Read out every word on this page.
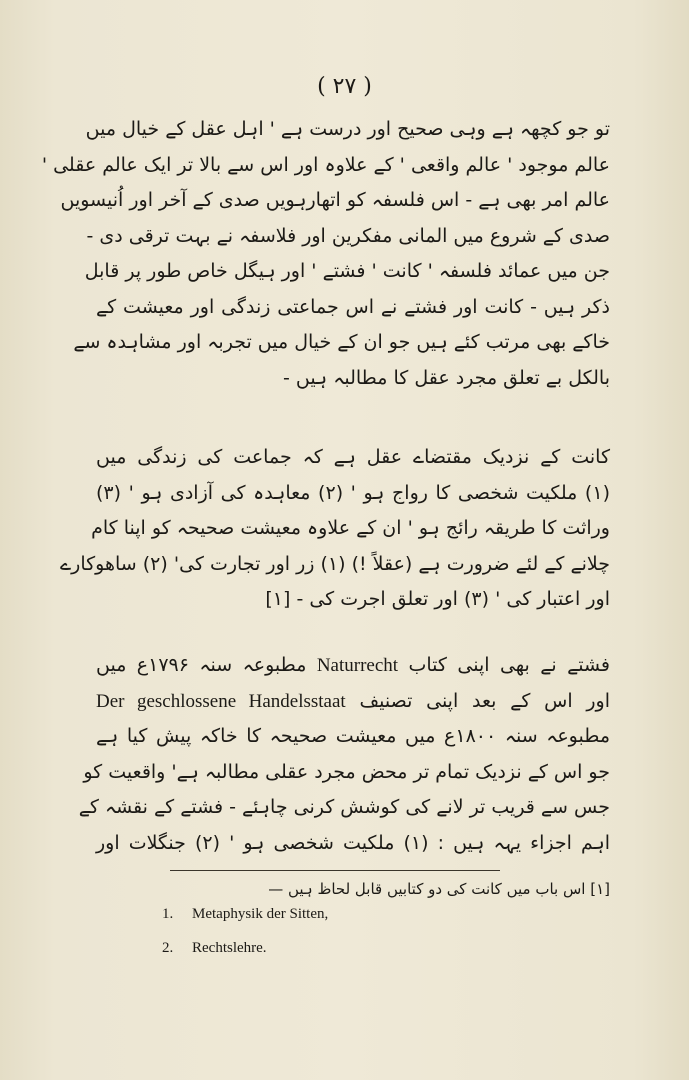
( ۲۷ )
تو جو کچھہ ہے وہی صحیح اور درست ہے ' اہل عقل کے خیال میں
عالم موجود ' عالم واقعی ' کے علاوہ اور اس سے بالا تر ایک عالم عقلی '
عالم امر بھی ہے - اس فلسفہ کو اتھارہویں صدی کے آخر اور اُنیسویں
صدی کے شروع میں المانی مفکرین اور فلاسفہ نے بہت ترقی دی -
جن میں عمائد فلسفہ ' کانت ' فشتے ' اور ہیگل خاص طور پر قابل
ذکر ہیں - کانت اور فشتے نے اس جماعتی زندگی اور معیشت کے
خاکے بھی مرتب کئے ہیں جو ان کے خیال میں تجربہ اور مشاہدہ سے
بالکل بے تعلق مجرد عقل کا مطالبہ ہیں -
کانت کے نزدیک مقتضاے عقل ہے کہ جماعت کی زندگی میں
(۱) ملکیت شخصی کا رواج ہو ' (۲) معاہدہ کی آزادی ہو ' (۳)
وراثت کا طریقہ رائج ہو ' ان کے علاوہ معیشت صحیحہ کو اپنا کام
چلانے کے لئے ضرورت ہے (عقلاً !) (۱) زر اور تجارت کی' (۲) ساھوکارے
اور اعتبار کی ' (۳) اور تعلق اجرت کی - [۱]
فشتے نے بھی اپنی کتاب Naturrecht مطبوعہ سنہ ۱۷۹۶ع میں
اور اس کے بعد اپنی تصنیف Der geschlossene Handelsstaat
مطبوعہ سنہ ۱۸۰۰ع میں معیشت صحیحہ کا خاکہ پیش کیا ہے
جو اس کے نزدیک تمام تر محض مجرد عقلی مطالبہ ہے' واقعیت کو
جس سے قریب تر لانے کی کوشش کرنی چاہئے - فشتے کے نقشہ کے
اہم اجزاء یہہ ہیں : (۱) ملکیت شخصی ہو ' (۲) جنگلات اور
[۱] اس باب میں کانت کی دو کتابیں قابل لحاظ ہیں —
1. Metaphysik der Sitten,
2. Rechtslehre.
